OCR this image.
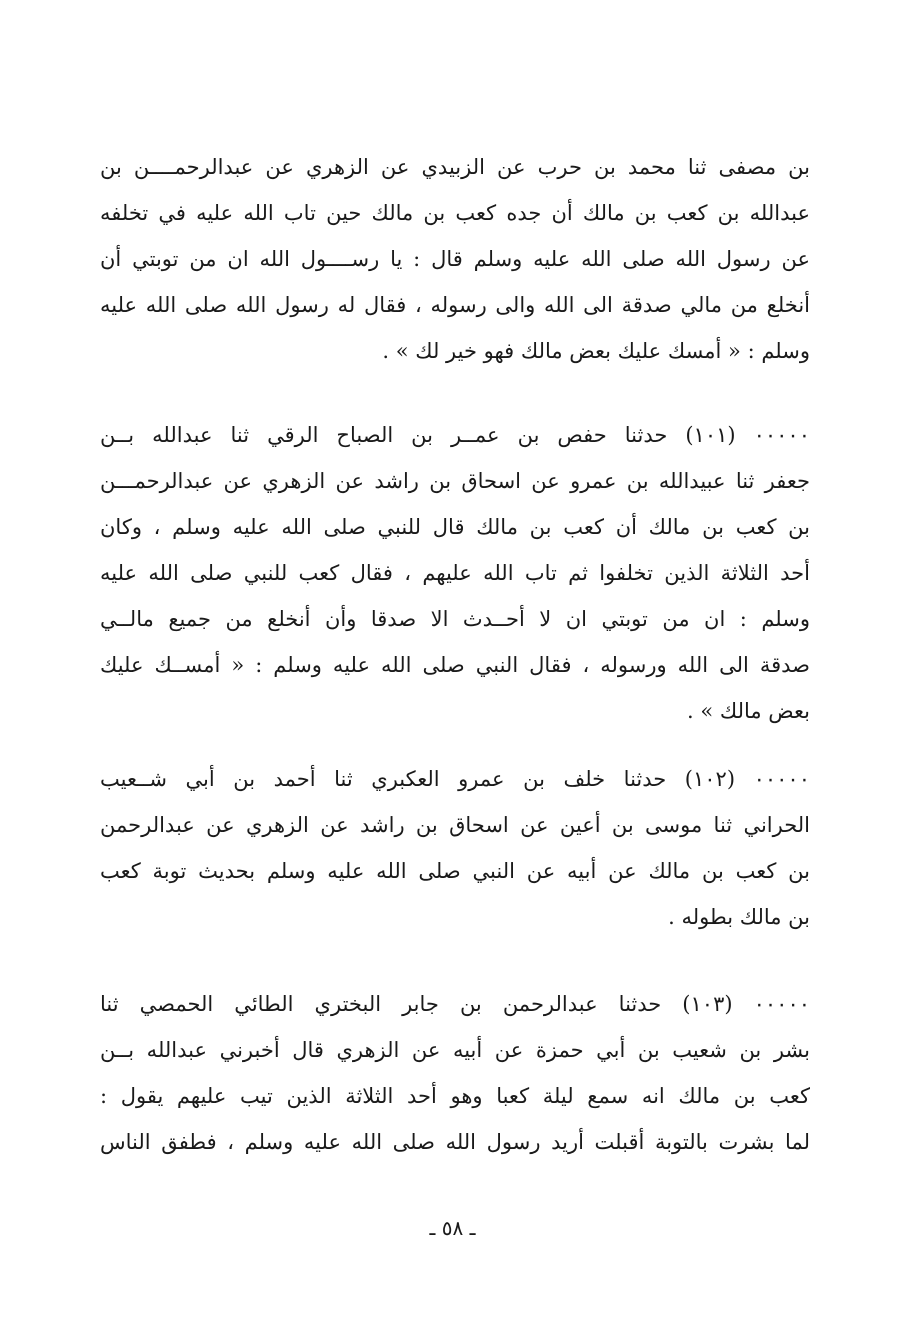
بن مصفى ثنا محمد بن حرب عن الزبيدي عن الزهري عن عبدالرحمــــن بن
عبدالله بن كعب بن مالك أن جده كعب بن مالك حين تاب الله عليه في تخلفه
عن رسول الله صلى الله عليه وسلم قال : يا رســــول الله ان من توبتي أن
أنخلع من مالي صدقة الى الله والى رسوله ، فقال له رسول الله صلى الله عليه
وسلم : « أمسك عليك بعض مالك فهو خير لك » .
٠٠٠٠٠ (١٠١) حدثنا حفص بن عمــر بن الصباح الرقي ثنا عبدالله بــن
جعفر ثنا عبيدالله بن عمرو عن اسحاق بن راشد عن الزهري عن عبدالرحمـــن
بن كعب بن مالك أن كعب بن مالك قال للنبي صلى الله عليه وسلم ، وكان
أحد الثلاثة الذين تخلفوا ثم تاب الله عليهم ، فقال كعب للنبي صلى الله عليه
وسلم : ان من توبتي ان لا أحــدث الا صدقا وأن أنخلع من جميع مالــي
صدقة الى الله ورسوله ، فقال النبي صلى الله عليه وسلم : « أمســك عليك
بعض مالك » .
٠٠٠٠٠ (١٠٢) حدثنا خلف بن عمرو العكبري ثنا أحمد بن أبي شــعيب
الحراني ثنا موسى بن أعين عن اسحاق بن راشد عن الزهري عن عبدالرحمن
بن كعب بن مالك عن أبيه عن النبي صلى الله عليه وسلم بحديث توبة كعب
بن مالك بطوله .
٠٠٠٠٠ (١٠٣) حدثنا عبدالرحمن بن جابر البختري الطائي الحمصي ثنا
بشر بن شعيب بن أبي حمزة عن أبيه عن الزهري قال أخبرني عبدالله بــن
كعب بن مالك انه سمع ليلة كعبا وهو أحد الثلاثة الذين تيب عليهم يقول :
لما بشرت بالتوبة أقبلت أريد رسول الله صلى الله عليه وسلم ، فطفق الناس
ـ ٥٨ ـ
